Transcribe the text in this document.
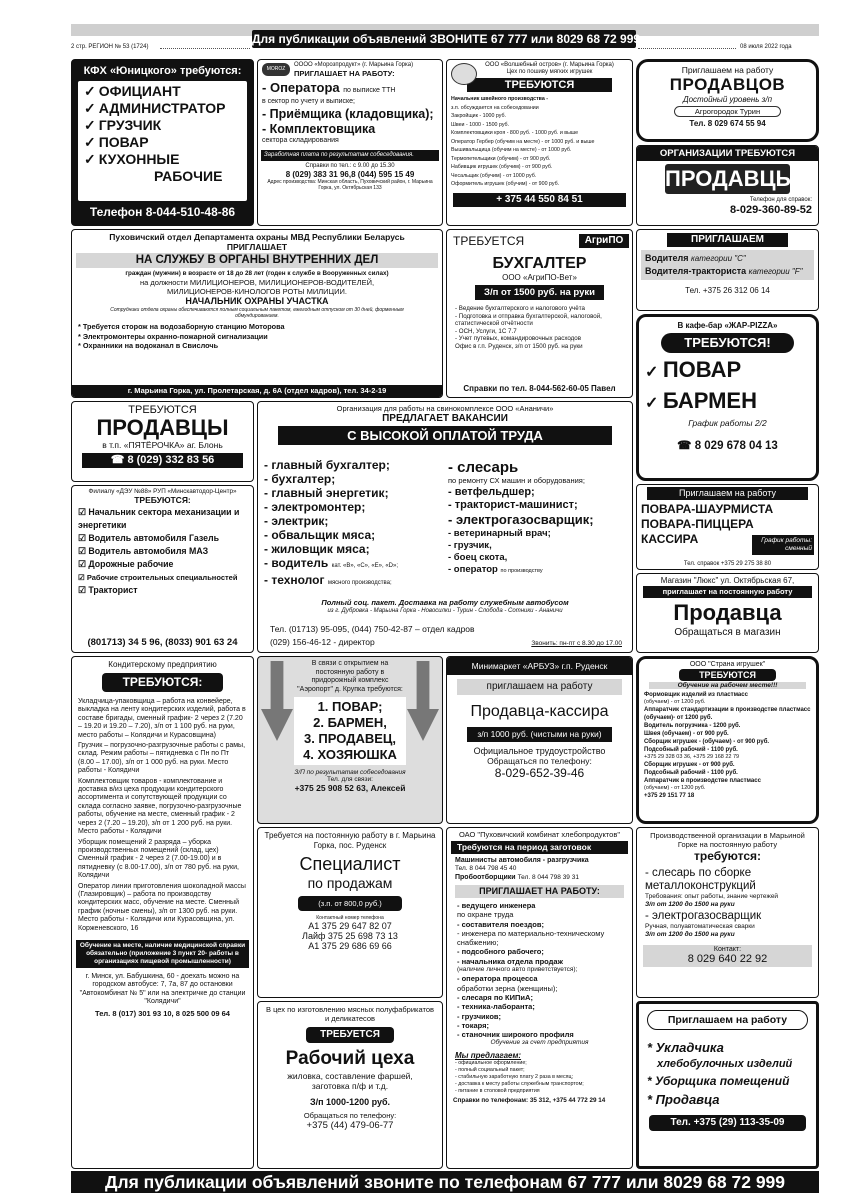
Для публикации объявлений ЗВОНИТЕ 67 777 или 8029 68 72 999
2 стр. РЕГИОН № 53 (1724)	08 июля 2022 года
КФХ «Юницкого» требуются:
✓ ОФИЦИАНТ
✓ АДМИНИСТРАТОР
✓ ГРУЗЧИК
✓ ПОВАР
✓ КУХОННЫЕ
РАБОЧИЕ
Телефон 8-044-510-48-86
MOROZ
ОООО «Морозпродукт» (г. Марьина Горка)
ПРИГЛАШАЕТ НА РАБОТУ:
- Оператора по выписке ТТН
в сектор по учету и выписке;
- Приёмщика (кладовщика);
- Комплектовщика
сектора складирования
Заработная плата по результатам собеседования.
Справки по тел.: с 9.00 до 15.30
8 (029) 383 31 96,8 (044) 595 15 49
Адрес производства: Минская область, Пуховичский район, г. Марьина Горка, ул. Октябрьская 133
ООО «Волшебный остров» (г. Марьина Горка)
Цех по пошиву мягких игрушек
ТРЕБУЮТСЯ
Начальник швейного производства -
з.п. обсуждается на собеседовании
Закройщик - 1000 руб.
Швеи - 1000 - 1500 руб.
Комплектовщики кроя - 800 руб. - 1000 руб. и выше
Оператор Гербер (обучим на месте) - от 1000 руб. и выше
Вышивальщица (обучим на месте) - от 1000 руб.
Термопетельщики (обучим) - от 900 руб.
Набивщик игрушек (обучим) - от 900 руб.
Чесальщик (обучим) - от 1000 руб.
Оформитель игрушек (обучим) - от 900 руб.
+ 375 44 550 84 51
Приглашаем на работу
ПРОДАВЦОВ
Достойный уровень з/п
Агрогородок Турин
Тел. 8 029 674 55 94
ОРГАНИЗАЦИИ ТРЕБУЮТСЯ
ПРОДАВЦЫ
Телефон для справок:
8-029-360-89-52
Пуховичский отдел Департамента охраны МВД Республики Беларусь
ПРИГЛАШАЕТ
НА СЛУЖБУ В ОРГАНЫ ВНУТРЕННИХ ДЕЛ
граждан (мужчин) в возрасте от 18 до 28 лет (годен к службе в Вооруженных силах)
на должности МИЛИЦИОНЕРОВ, МИЛИЦИОНЕРОВ-ВОДИТЕЛЕЙ,
МИЛИЦИОНЕРОВ-КИНОЛОГОВ РОТЫ МИЛИЦИИ.
НАЧАЛЬНИК ОХРАНЫ УЧАСТКА
Сотрудники отдела охраны обеспечиваются полным социальным пакетом, ежегодным отпуском от 30 дней, форменным обмундированием.
* Требуется сторож на водозаборную станцию Моторова
* Электромонтеры охранно-пожарной сигнализации
* Охранники на водоканал в Свислочь
г. Марьина Горка, ул. Пролетарская, д. 6А (отдел кадров), тел. 34-2-19
ТРЕБУЕТСЯ	АгриПО
БУХГАЛТЕР
ООО «АгриПО-Вет»
З/п от 1500 руб. на руки
- Ведение бухгалтерского и налогового учёта
- Подготовка и отправка бухгалтерской, налоговой, статистической отчётности
- ОСН, Услуги, 1С 7.7
- Учет путевых, командировочных расходов
Офис в г.п. Руденск, з/п от 1500 руб. на руки
Справки по тел. 8-044-562-60-05 Павел
ПРИГЛАШАЕМ
Водителя категории "С"
Водителя-тракториста категории "F"
Тел. +375 26 312 06 14
В кафе-бар «ЖАР-PIZZA»
ТРЕБУЮТСЯ!
✓ ПОВАР
✓ БАРМЕН
График работы 2/2
☎ 8 029 678 04 13
ТРЕБУЮТСЯ
ПРОДАВЦЫ
в т.п. «ПЯТЁРОЧКА» аг. Блонь
☎ 8 (029) 332 83 56
Организация для работы на свинокомплексе ООО «Ананичи»
ПРЕДЛАГАЕТ ВАКАНСИИ
С ВЫСОКОЙ ОПЛАТОЙ ТРУДА
- главный бухгалтер;
- бухгалтер;
- главный энергетик;
- электромонтер;
- электрик;
- обвальщик мяса;
- жиловщик мяса;
- водитель кат. «В», «С», «Е», «D»;
- технолог мясного производства;
- слесарь
по ремонту СХ машин и оборудования;
- ветфельдшер;
- тракторист-машинист;
- электрогазосварщик;
- ветеринарный врач;
- грузчик,
- боец скота,
- оператор по производству
Полный соц. пакет. Доставка на работу служебным автобусом
из г. Дубровка - Марьина Горка - Новосилки - Турин - Слобода - Сотники - Ананичи
Тел. (01713) 95-095, (044) 750-42-87 – отдел кадров
(029) 156-46-12 - директор	Звонить: пн-пт с 8.30 до 17.00
Филиалу «ДЭУ №88» РУП «Минскавтодор-Центр»
ТРЕБУЮТСЯ:
☑ Начальник сектора механизации и энергетики
☑ Водитель автомобиля Газель
☑ Водитель автомобиля МАЗ
☑ Дорожные рабочие
☑ Рабочие строительных специальностей
☑ Тракторист
(801713) 34 5 96, (8033) 901 63 24
Приглашаем на работу
ПОВАРА-ШАУРМИСТА
ПОВАРА-ПИЦЦЕРА
КАССИРА	График работы: сменный
Тел. справок +375 29 275 38 80
Магазин "Люкс" ул. Октябрьская 67,
приглашает на постоянную работу
Продавца
Обращаться в магазин
Кондитерскому предприятию
ТРЕБУЮТСЯ:
Укладчица-упаковщица – работа на конвейере, выкладка на ленту кондитерских изделий, работа в составе бригады, сменный график- 2 через 2 (7.20 – 19.20 и 19.20 – 7.20), з/п от 1 100 руб. на руки, место работы – Колядичи и Курасовщина)
Грузчик – погрузочно-разгрузочные работы с рамы, склад. Режим работы – пятидневка с Пн по Пт (8.00 – 17.00), з/п от 1 000 руб. на руки. Место работы - Колядичи
Комплектовщик товаров - комплектование и доставка в/из цеха продукции кондитерского ассортимента и сопутствующей продукции со склада согласно заявке, погрузочно-разгрузочные работы, обучение на месте, сменный график - 2 через 2 (7.20 – 19.20), з/п от 1 200 руб. на руки. Место работы - Колядичи
Уборщик помещений 2 разряда – уборка производственных помещений (склад, цех) Сменный график - 2 через 2 (7.00-19.00) и в пятидневку (с 8.00-17.00), з/п от 780 руб. на руки, Колядичи
Оператор линии приготовления шоколадной массы (Глазировщик) – работа по производству кондитерских масс, обучение на месте. Сменный график (ночные смены), з/п от 1300 руб. на руки. Место работы - Колядичи или Курасовщина, ул. Корженевского, 16
Обучение на месте, наличие медицинской справки обязательно (приложение 3 пункт 20- работы в организациях пищевой промышленности)
г. Минск, ул. Бабушкина, 60 - доехать можно на городском автобусе: 7, 7а, 87 до остановки "Автокомбинат № 5" или на электричке до станции "Колядичи"
Тел. 8 (017) 301 93 10, 8 025 500 09 64
В связи с открытием на постоянную работу в придорожный комплекс "Аэропорт" д. Крупка требуются:
1. ПОВАР;
2. БАРМЕН,
3. ПРОДАВЕЦ,
4. ХОЗЯЮШКА
З/П по результатам собеседования
Тел. для связи:
+375 25 908 52 63, Алексей
Минимаркет «АРБУЗ» г.п. Руденск
приглашаем на работу
Продавца-кассира
з/п 1000 руб. (чистыми на руки)
Официальное трудоустройство
Обращаться по телефону:
8-029-652-39-46
ООО "Страна игрушек"
ТРЕБУЮТСЯ
Обучение на рабочем месте!!!
Формовщик изделий из пластмасс
(обучаем) - от 1200 руб.
Аппаратчик стандартизации в производстве пластмасс (обучаем)- от 1200 руб.
Водитель погрузчика - 1200 руб.
Швея (обучаем) - от 900 руб.
Сборщик игрушек - (обучаем) - от 900 руб.
Подсобный рабочий - 1100 руб.
+375 29 328 03 36, +375 29 168 22 79
Сборщик игрушек - от 900 руб.
Подсобный рабочий - 1100 руб.
Аппаратчик в производстве пластмасс
(обучаем) - от 1200 руб.
+375 29 151 77 18
Требуется на постоянную работу в г. Марьина Горка, пос. Руденск
Специалист
по продажам
(з.п. от 800,0 руб.)
Контактный номер телефона
А1 375 29 647 82 07
Лайф 375 25 698 73 13
А1 375 29 686 69 66
ОАО "Пуховичский комбинат хлебопродуктов"
Требуются на период заготовок
Машинисты автомобиля - разгрузчика
Тел. 8 044 798 45 40
Пробоотборщики Тел. 8 044 798 39 31
ПРИГЛАШАЕТ НА РАБОТУ:
- ведущего инженера
по охране труда
- составителя поездов;
- инженера по материально-техническому снабжению;
- подсобного рабочего;
- начальника отдела продаж
(наличие личного авто приветствуется);
- оператора процесса
обработки зерна (женщины);
- слесаря по КИПиА;
- техника-лаборанта;
- грузчиков;
- токаря;
- станочник широкого профиля
Обучение за счет предприятия
Мы предлагаем:
- официальное оформление;
- полный социальный пакет;
- стабильную заработную плату 2 раза в месяц;
- доставка к месту работы служебным транспортом;
- питание в столовой предприятия
Справки по телефонам: 35 312, +375 44 772 29 14
Производственной организации в Марьиной Горке на постоянную работу
требуются:
- слесарь по сборке металлоконструкций
Требования: опыт работы, знание чертежей
З/п от 1200 до 1500 на руки
- электрогазосварщик
Ручная, полуавтоматическая сварки
З/п от 1200 до 1500 на руки
Контакт:
8 029 640 22 92
В цех по изготовлению мясных полуфабрикатов и деликатесов
ТРЕБУЕТСЯ
Рабочий цеха
жиловка, составление фаршей, заготовка п/ф и т.д.
З/п 1000-1200 руб.
Обращаться по телефону:
+375 (44) 479-06-77
Приглашаем на работу
* Укладчика
хлебобулочных изделий
* Уборщика помещений
* Продавца
Тел. +375 (29) 113-35-09
Для публикации объявлений звоните по телефонам 67 777 или 8029 68 72 999
